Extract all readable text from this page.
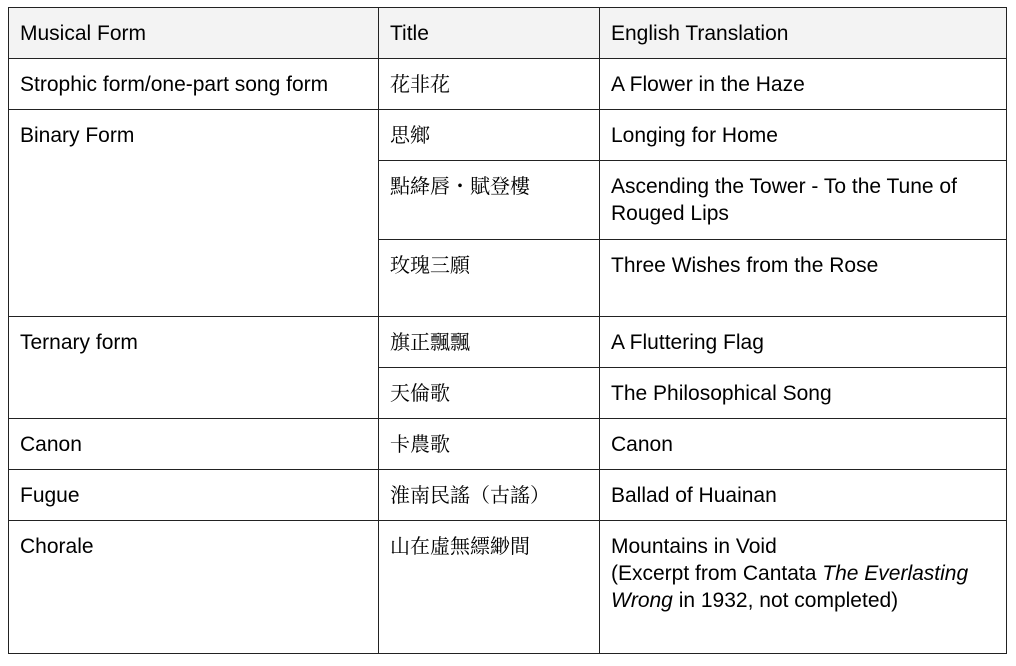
Musical Form	Title	English Translation
Strophic form/one-part song form	花非花	A Flower in the Haze
Binary Form	思鄉	Longing for Home
	點絳唇・賦登樓	Ascending the Tower - To the Tune of Rouged Lips
	玫瑰三願	Three Wishes from the Rose
Ternary form	旗正飄飄	A Fluttering Flag
	天倫歌	The Philosophical Song
Canon	卡農歌	Canon
Fugue	淮南民謠（古謠）	Ballad of Huainan
Chorale	山在虛無縹緲間	Mountains in Void
(Excerpt from Cantata The Everlasting Wrong in 1932, not completed)
